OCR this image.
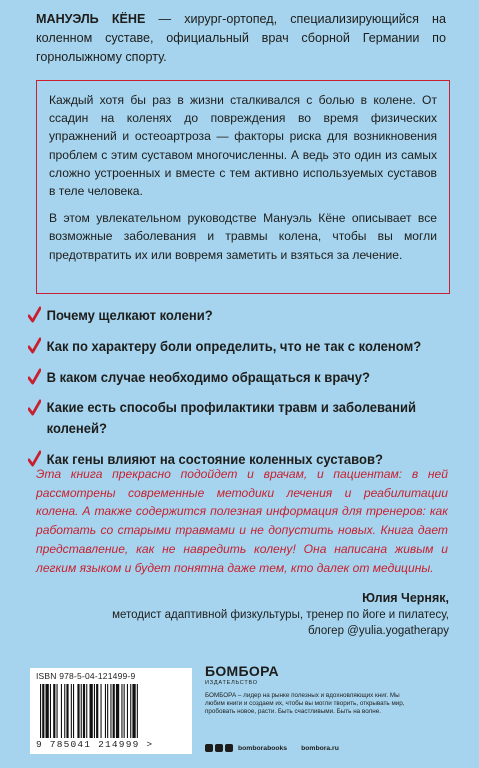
МАНУЭЛЬ КЁНЕ — хирург-ортопед, специализирующийся на коленном суставе, официальный врач сборной Германии по горнолыжному спорту.

Каждый хотя бы раз в жизни сталкивался с болью в колене. От ссадин на коленях до повреждения во время физических упражнений и остеоартроза — факторы риска для возникновения проблем с этим суставом многочисленны. А ведь это один из самых сложно устроенных и вместе с тем активно используемых суставов в теле человека.

В этом увлекательном руководстве Мануэль Кёне описывает все возможные заболевания и травмы колена, чтобы вы могли предотвратить их или вовремя заметить и взяться за лечение.

Почему щелкают колени?
Как по характеру боли определить, что не так с коленом?
В каком случае необходимо обращаться к врачу?
Какие есть способы профилактики травм и заболеваний коленей?
Как гены влияют на состояние коленных суставов?
Эта книга прекрасно подойдет и врачам, и пациентам: в ней рассмотрены современные методики лечения и реабилитации колена. А также содержится полезная информация для тренеров: как работать со старыми травмами и не допустить новых. Книга дает представление, как не навредить колену! Она написана живым и легким языком и будет понятна даже тем, кто далек от медицины.
Юлия Черняк,
методист адаптивной физкультуры, тренер по йоге и пилатесу,
блогер @yulia.yogatherapy
ISBN 978-5-04-121499-9
9 785041 214999 >
БОМБОРА
ИЗДАТЕЛЬСТВО
БОМБОРА – лидер на рынке полезных и вдохновляющих книг. Мы любим книги и создаем их, чтобы вы могли творить, открывать мир, пробовать новое, расти. Быть счастливыми. Быть на волне.
bomborabooks bombora.ru
